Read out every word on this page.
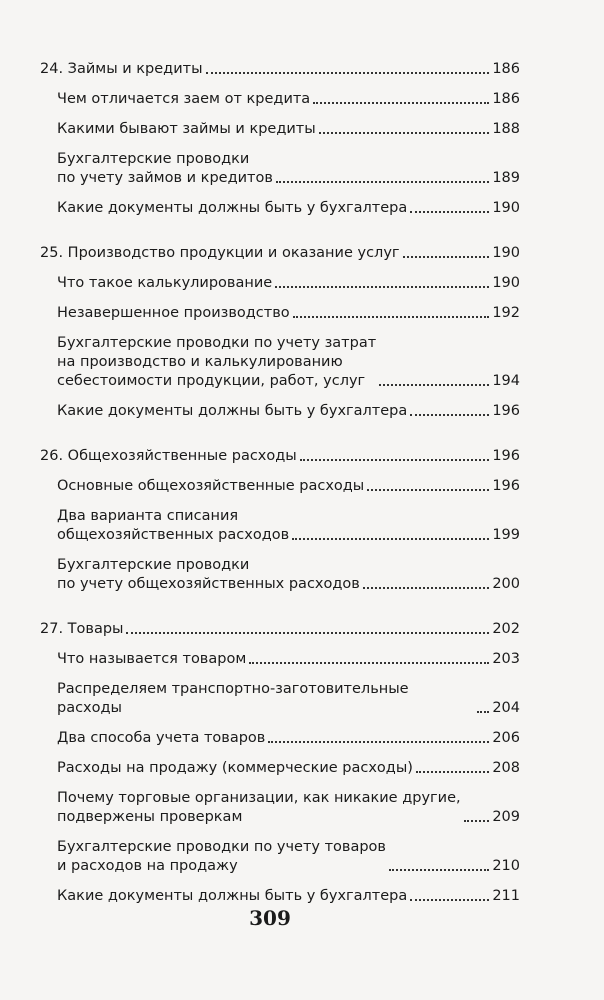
24. Займы и кредиты	186
Чем отличается заем от кредита	186
Какими бывают займы и кредиты	188
Бухгалтерские проводки
по учету займов и кредитов	189
Какие документы должны быть у бухгалтера	190
25. Производство продукции и оказание услуг	190
Что такое калькулирование	190
Незавершенное производство	192
Бухгалтерские проводки по учету затрат
на производство и калькулированию
себестоимости продукции, работ, услуг	194
Какие документы должны быть у бухгалтера	196
26. Общехозяйственные расходы	196
Основные общехозяйственные расходы	196
Два варианта списания
общехозяйственных расходов	199
Бухгалтерские проводки
по учету общехозяйственных расходов	200
27. Товары	202
Что называется товаром	203
Распределяем транспортно-заготовительные расходы	204
Два способа учета товаров	206
Расходы на продажу (коммерческие расходы)	208
Почему торговые организации, как никакие другие,
подвержены проверкам	209
Бухгалтерские проводки по учету товаров
и расходов на продажу	210
Какие документы должны быть у бухгалтера	211
309
